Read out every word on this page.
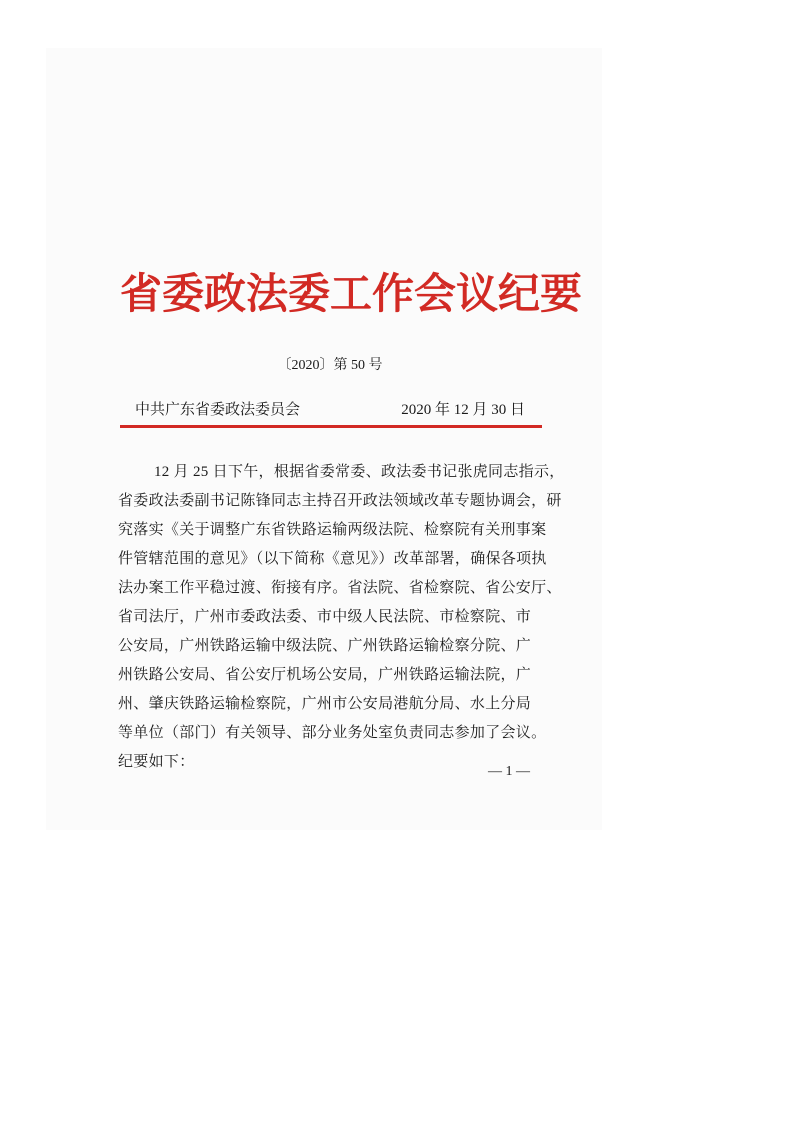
省委政法委工作会议纪要
〔2020〕第 50 号
中共广东省委政法委员会	2020 年 12 月 30 日
12 月 25 日下午，根据省委常委、政法委书记张虎同志指示，
省委政法委副书记陈锋同志主持召开政法领域改革专题协调会，研
究落实《关于调整广东省铁路运输两级法院、检察院有关刑事案
件管辖范围的意见》（以下简称《意见》）改革部署，确保各项执
法办案工作平稳过渡、衔接有序。省法院、省检察院、省公安厅、
省司法厅，广州市委政法委、市中级人民法院、市检察院、市
公安局，广州铁路运输中级法院、广州铁路运输检察分院、广
州铁路公安局、省公安厅机场公安局，广州铁路运输法院，广
州、肇庆铁路运输检察院，广州市公安局港航分局、水上分局
等单位（部门）有关领导、部分业务处室负责同志参加了会议。
纪要如下：
— 1 —
